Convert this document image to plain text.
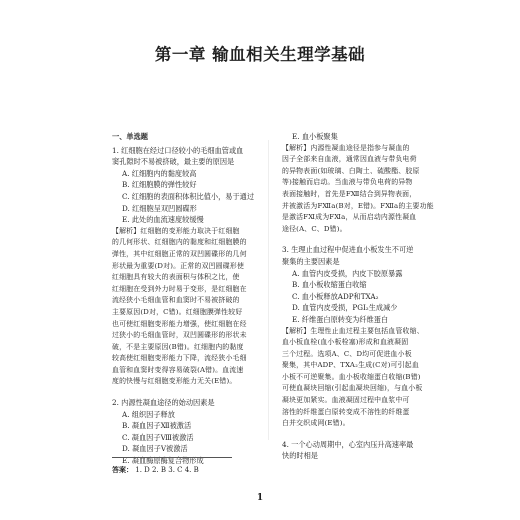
第一章 输血相关生理学基础
一、单选题
1. 红细胞在经过口径较小的毛细血管或血
窦孔隙时不易被挤破，最主要的原因是
A. 红细胞内的黏度较高
B. 红细胞膜的弹性较好
C. 红细胞的表面积体积比值小，易于通过
D. 红细胞呈双凹圆碟形
E. 此处的血流速度较缓慢
【解析】红细胞的变形能力取决于红细胞
的几何形状、红细胞内的黏度和红细胞膜的
弹性，其中红细胞正常的双凹圆碟形的几何
形状最为重要(D对)。正常的双凹圆碟形使
红细胞具有较大的表面积与体积之比，使
红细胞在受到外力时易于变形，是红细胞在
流经狭小毛细血管和血窦时不易被挤破的
主要原因(D对，C错)。红细胞膜弹性较好
也可使红细胞变形能力增强，使红细胞在经
过狭小的毛细血管时，双凹圆碟形的形状未
破，不是主要原因(B错)。红细胞内的黏度
较高使红细胞变形能力下降，流经狭小毛细
血管和血窦时变得容易破裂(A错)。血流速
度的快慢与红细胞变形能力无关(E错)。
2. 内源性凝血途径的始动因素是
A. 组织因子释放
B. 凝血因子Ⅻ被激活
C. 凝血因子Ⅷ被激活
D. 凝血因子Ⅴ被激活
E. 凝血酶原酶复合物形成
E. 血小板聚集
【解析】内源性凝血途径是指参与凝血的
因子全部来自血液，通常因血液与带负电荷
的异物表面(如玻璃、白陶土、硫酸酯、胶原
等)接触而启动。当血液与带负电荷的异物
表面接触时，首先是FⅫ结合到异物表面，
并被激活为FⅫa(B对，E错)。FⅫa的主要功能
是激活FⅪ成为FⅪa，从而启动内源性凝血
途径(A、C、D错)。
3. 生理止血过程中促进血小板发生不可逆
聚集的主要因素是
A. 血管内皮受损，内皮下胶原暴露
B. 血小板收缩蛋白收缩
C. 血小板释放ADP和TXA₂
D. 血管内皮受损，PGI₂生成减少
E. 纤维蛋白原转变为纤维蛋白
【解析】生理性止血过程主要包括血管收缩、
血小板血栓(血小板栓塞)形成和血液凝固
三个过程。选项A、C、D均可促进血小板
聚集，其中ADP、TXA₂生成(C对)可引起血
小板不可逆聚集。血小板收缩蛋白收缩(B错)
可使血凝块回缩(引起血凝块回缩)，与血小板
凝块更加紧实。血液凝固过程中血浆中可
溶性的纤维蛋白原转变成不溶性的纤维蛋
白并交织成网(E错)。
4. 一个心动周期中，心室内压升高速率最
快的时相是
答案： 1. D 2. B 3. C 4. B
1
